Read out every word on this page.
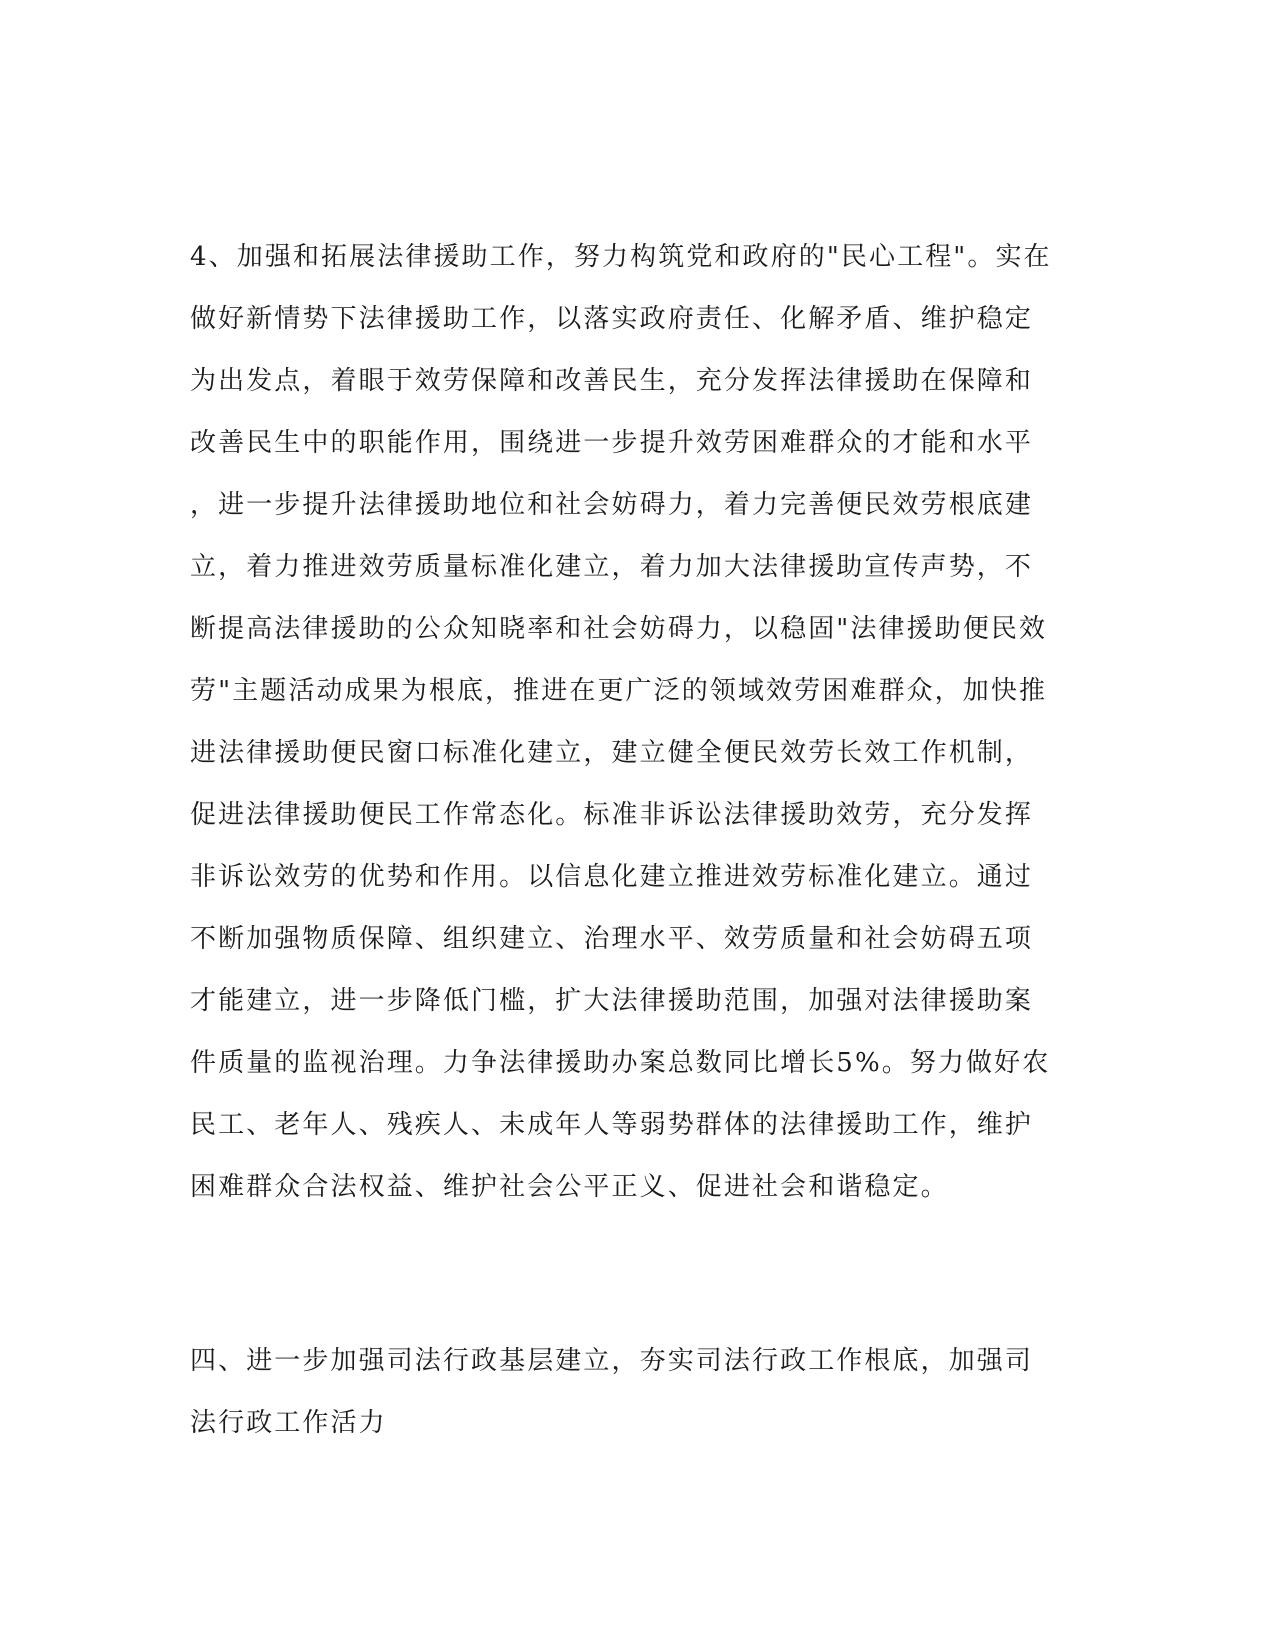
4、加强和拓展法律援助工作，努力构筑党和政府的"民心工程"。实在
做好新情势下法律援助工作，以落实政府责任、化解矛盾、维护稳定
为出发点，着眼于效劳保障和改善民生，充分发挥法律援助在保障和
改善民生中的职能作用，围绕进一步提升效劳困难群众的才能和水平
，进一步提升法律援助地位和社会妨碍力，着力完善便民效劳根底建
立，着力推进效劳质量标准化建立，着力加大法律援助宣传声势，不
断提高法律援助的公众知晓率和社会妨碍力，以稳固"法律援助便民效
劳"主题活动成果为根底，推进在更广泛的领域效劳困难群众，加快推
进法律援助便民窗口标准化建立，建立健全便民效劳长效工作机制，
促进法律援助便民工作常态化。标准非诉讼法律援助效劳，充分发挥
非诉讼效劳的优势和作用。以信息化建立推进效劳标准化建立。通过
不断加强物质保障、组织建立、治理水平、效劳质量和社会妨碍五项
才能建立，进一步降低门槛，扩大法律援助范围，加强对法律援助案
件质量的监视治理。力争法律援助办案总数同比增长5%。努力做好农
民工、老年人、残疾人、未成年人等弱势群体的法律援助工作，维护
困难群众合法权益、维护社会公平正义、促进社会和谐稳定。
四、进一步加强司法行政基层建立，夯实司法行政工作根底，加强司
法行政工作活力
